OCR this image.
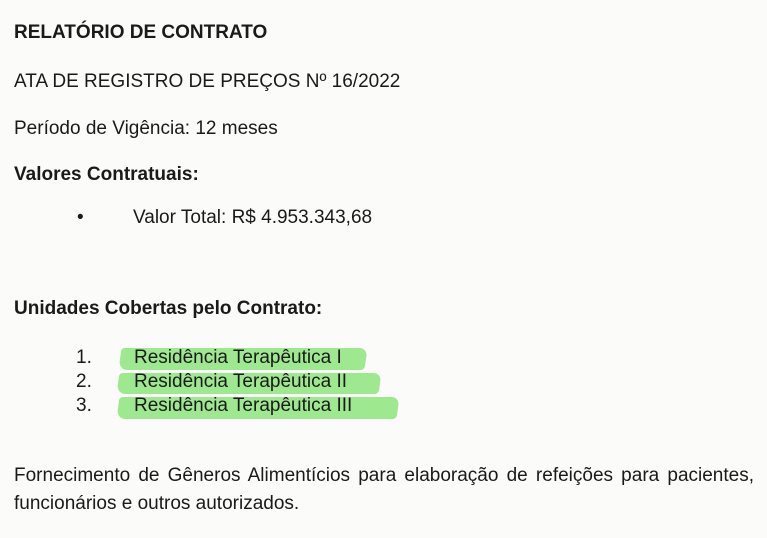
RELATÓRIO DE CONTRATO
ATA DE REGISTRO DE PREÇOS Nº 16/2022
Período de Vigência: 12 meses
Valores Contratuais:
•	Valor Total: R$ 4.953.343,68
Unidades Cobertas pelo Contrato:
1. Residência Terapêutica I
2. Residência Terapêutica II
3. Residência Terapêutica III
Fornecimento de Gêneros Alimentícios para elaboração de refeições para pacientes, funcionários e outros autorizados.
